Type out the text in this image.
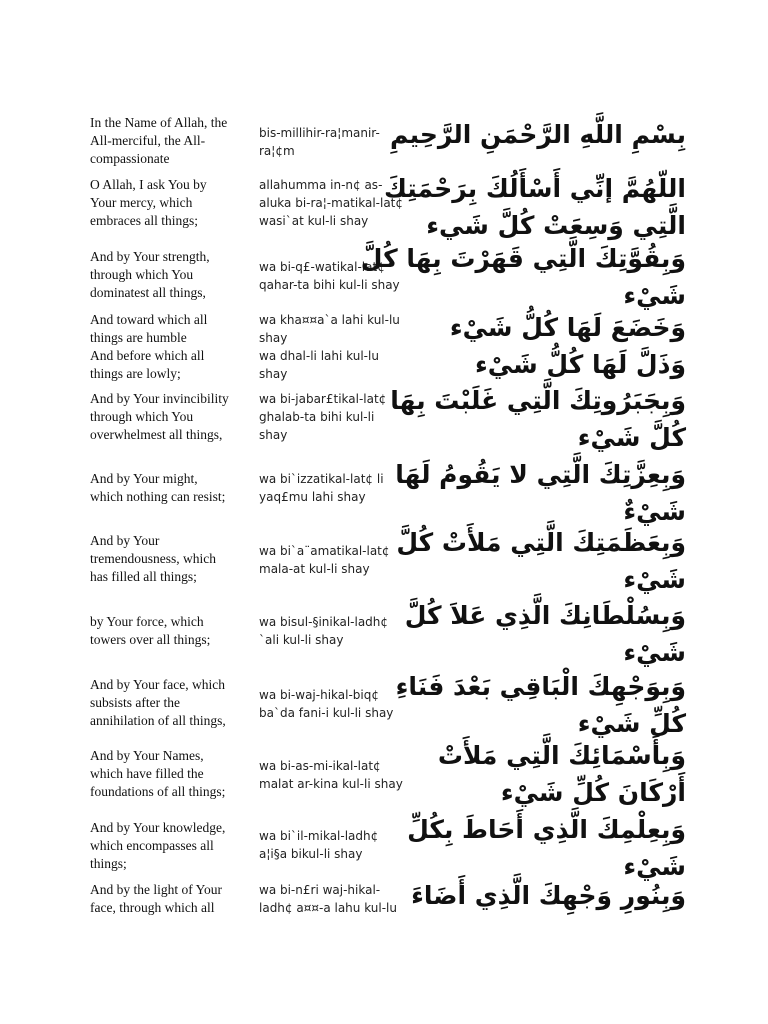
In the Name of Allah, the
All-merciful, the All-
compassionate
bis-millihir-ra¦manir-
ra¦¢m
بِسْمِ اللَّهِ الرَّحْمَنِ الرَّحِيمِ
O Allah, I ask You by
Your mercy, which
embraces all things;
allahumma in-n¢ as-
aluka bi-ra¦-matikal-lat¢
wasi`at kul-li shay
اللّهُمَّ إنِّي أَسْأَلُكَ بِرَحْمَتِكَ
الَّتِي وَسِعَتْ كُلَّ شَيء
And by Your strength,
through which You
dominatest all things,
wa bi-q£-watikal-lat¢
qahar-ta bihi kul-li shay
وَبِقُوَّتِكَ الَّتِي قَهَرْتَ بِهَا كُلَّ
شَيْء
And toward which all
things are humble
And before which all
things are lowly;
wa kha¤¤a`a lahi kul-lu
shay
wa dhal-li lahi kul-lu
shay
وَخَضَعَ لَهَا كُلُّ شَيْء
وَذَلَّ لَهَا كُلُّ شَيْء
And by Your invincibility
through which You
overwhelmest all things,
wa bi-jabar£tikal-lat¢
ghalab-ta bihi kul-li
shay
وَبِجَبَرُوتِكَ الَّتِي غَلَبْتَ بِهَا
كُلَّ شَيْء
And by Your might,
which nothing can resist;
wa bi`izzatikal-lat¢ li
yaq£mu lahi shay
وَبِعِزَّتِكَ الَّتِي لا يَقُومُ لَهَا
شَيْءٌ
And by Your
tremendousness, which
has filled all things;
wa bi`a¨amatikal-lat¢
mala-at kul-li shay
وَبِعَظَمَتِكَ الَّتِي مَلأَتْ كُلَّ
شَيْء
by Your force, which
towers over all things;
wa bisul-§inikal-ladh¢
`ali kul-li shay
وَبِسُلْطَانِكَ الَّذِي عَلاَ كُلَّ
شَيْء
And by Your face, which
subsists after the
annihilation of all things,
wa bi-waj-hikal-biq¢
ba`da fani-i kul-li shay
وَبِوَجْهِكَ الْبَاقِي بَعْدَ فَنَاءِ
كُلِّ شَيْء
And by Your Names,
which have filled the
foundations of all things;
wa bi-as-mi-ikal-lat¢
malat ar-kina kul-li shay
وَبِأَسْمَائِكَ الَّتِي مَلأَتْ
أَرْكَانَ كُلِّ شَيْء
And by Your knowledge,
which encompasses all
things;
wa bi`il-mikal-ladh¢
a¦i§a bikul-li shay
وَبِعِلْمِكَ الَّذِي أَحَاطَ بِكُلِّ
شَيْء
And by the light of Your
face, through which all
wa bi-n£ri waj-hikal-
ladh¢ a¤¤-a lahu kul-lu وَبِنُورِ وَجْهِكَ الَّذِي أَضَاءَ
